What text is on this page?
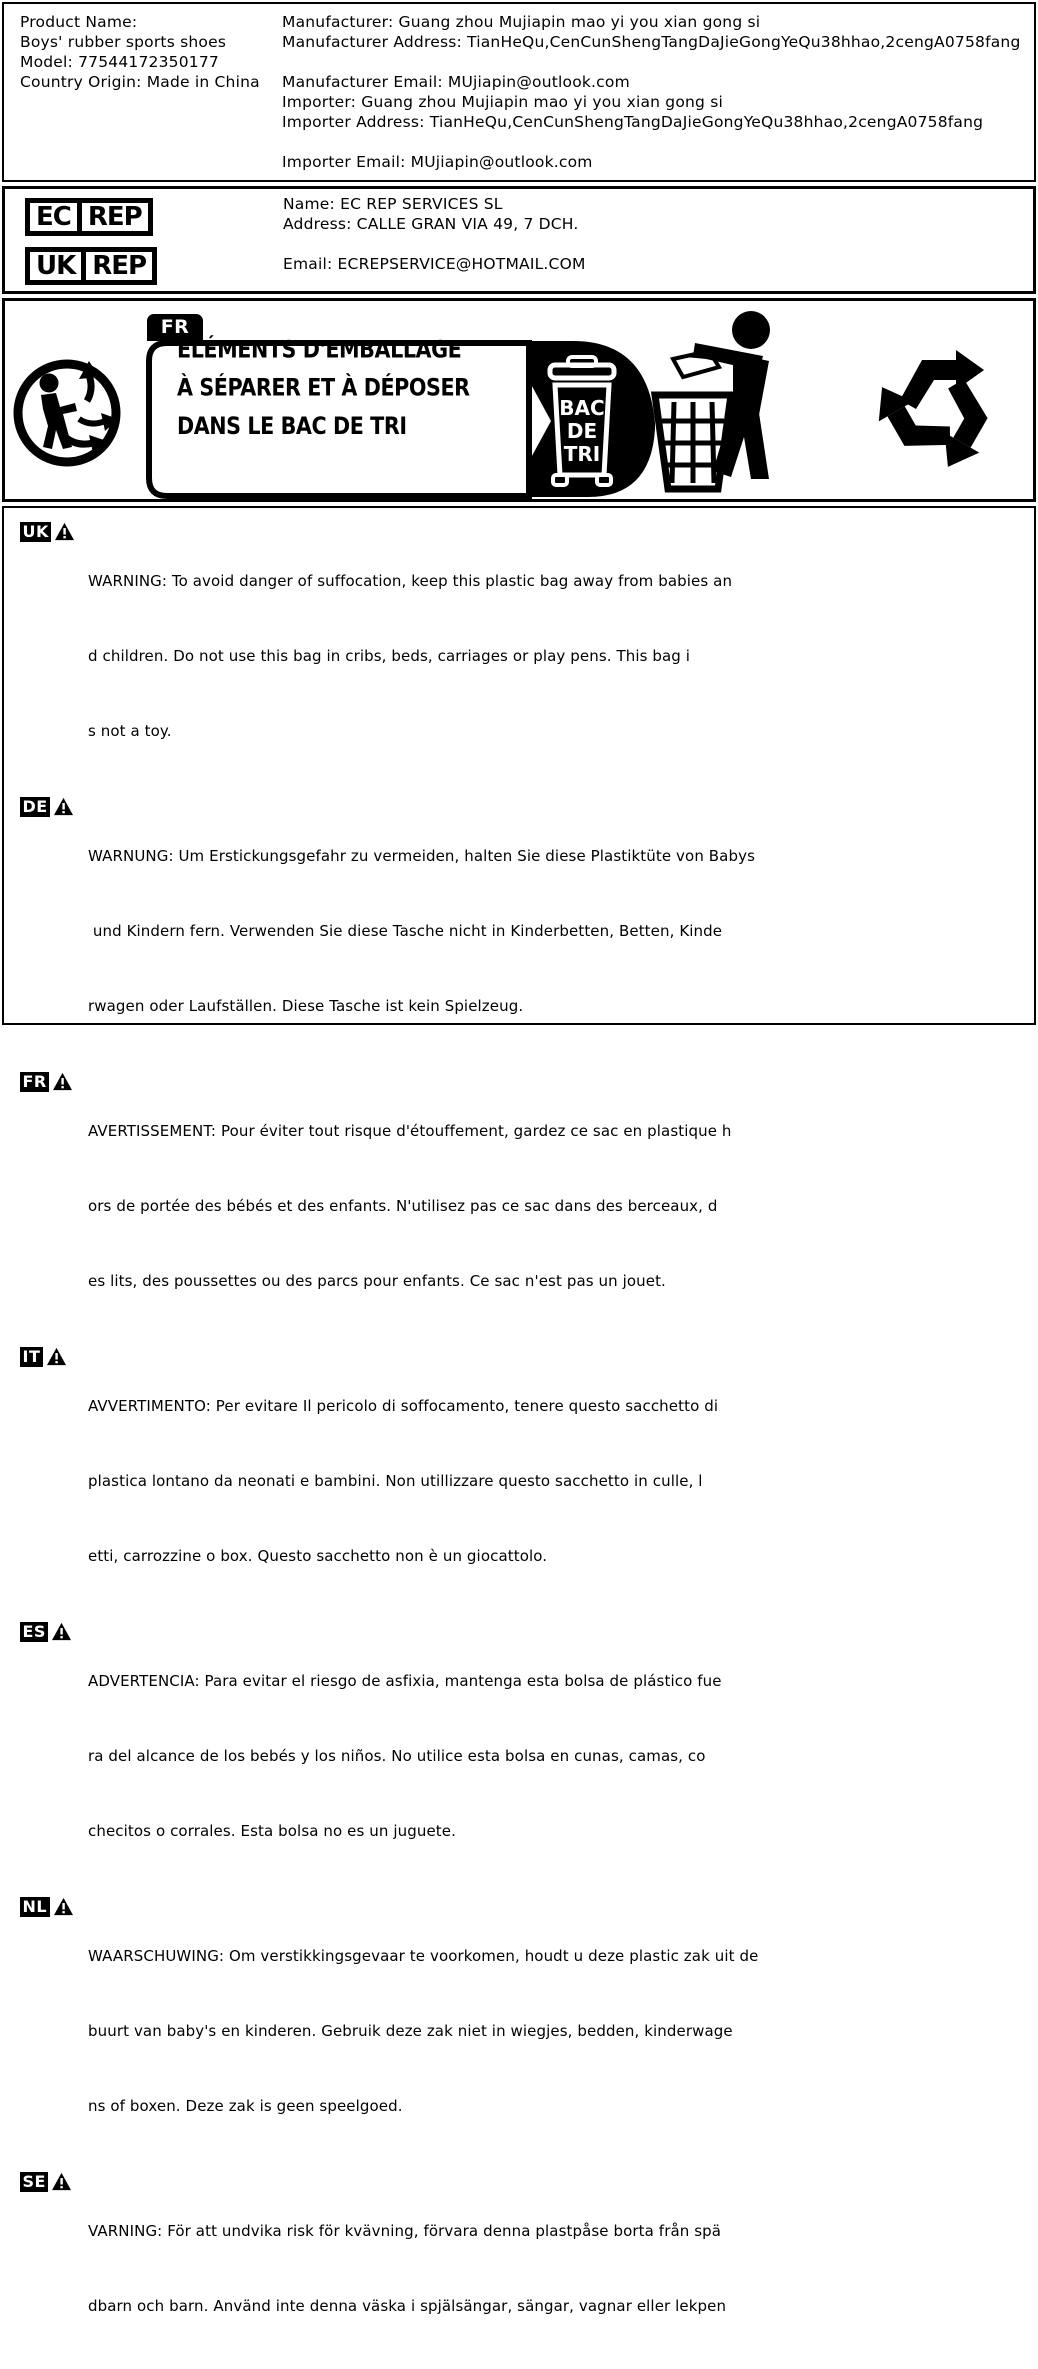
Product Name:
Boys' rubber sports shoes
Model: 77544172350177
Country Origin: Made in China
Manufacturer: Guang zhou Mujiapin mao yi you xian gong si
Manufacturer Address: TianHeQu,CenCunShengTangDaJieGongYeQu38hhao,2cengA0758fang
Manufacturer Email: MUjiapin@outlook.com
Importer: Guang zhou Mujiapin mao yi you xian gong si
Importer Address: TianHeQu,CenCunShengTangDaJieGongYeQu38hhao,2cengA0758fang
Importer Email: MUjiapin@outlook.com
EC REP
UK REP
Name: EC REP SERVICES SL
Address: CALLE GRAN VIA 49, 7 DCH.
Email: ECREPSERVICE@HOTMAIL.COM
FR
BAC
DE
TRI
ÉLÉMENTS D'EMBALLAGE
À SÉPARER ET À DÉPOSER
DANS LE BAC DE TRI
UK

WARNING: To avoid danger of suffocation, keep this plastic bag away from babies an

d children. Do not use this bag in cribs, beds, carriages or play pens. This bag i

s not a toy.

DE

WARNUNG: Um Erstickungsgefahr zu vermeiden, halten Sie diese Plastiktüte von Babys

und Kindern fern. Verwenden Sie diese Tasche nicht in Kinderbetten, Betten, Kinde

rwagen oder Laufställen. Diese Tasche ist kein Spielzeug.

FR

AVERTISSEMENT: Pour éviter tout risque d'étouffement, gardez ce sac en plastique h

ors de portée des bébés et des enfants. N'utilisez pas ce sac dans des berceaux, d

es lits, des poussettes ou des parcs pour enfants. Ce sac n'est pas un jouet.

IT

AVVERTIMENTO: Per evitare Il pericolo di soffocamento, tenere questo sacchetto di

plastica lontano da neonati e bambini. Non utillizzare questo sacchetto in culle, l

etti, carrozzine o box. Questo sacchetto non è un giocattolo.

ES

ADVERTENCIA: Para evitar el riesgo de asfixia, mantenga esta bolsa de plástico fue

ra del alcance de los bebés y los niños. No utilice esta bolsa en cunas, camas, co

checitos o corrales. Esta bolsa no es un juguete.

NL

WAARSCHUWING: Om verstikkingsgevaar te voorkomen, houdt u deze plastic zak uit de

buurt van baby's en kinderen. Gebruik deze zak niet in wiegjes, bedden, kinderwage

ns of boxen. Deze zak is geen speelgoed.

SE

VARNING: För att undvika risk för kvävning, förvara denna plastpåse borta från spä

dbarn och barn. Använd inte denna väska i spjälsängar, sängar, vagnar eller lekpen
